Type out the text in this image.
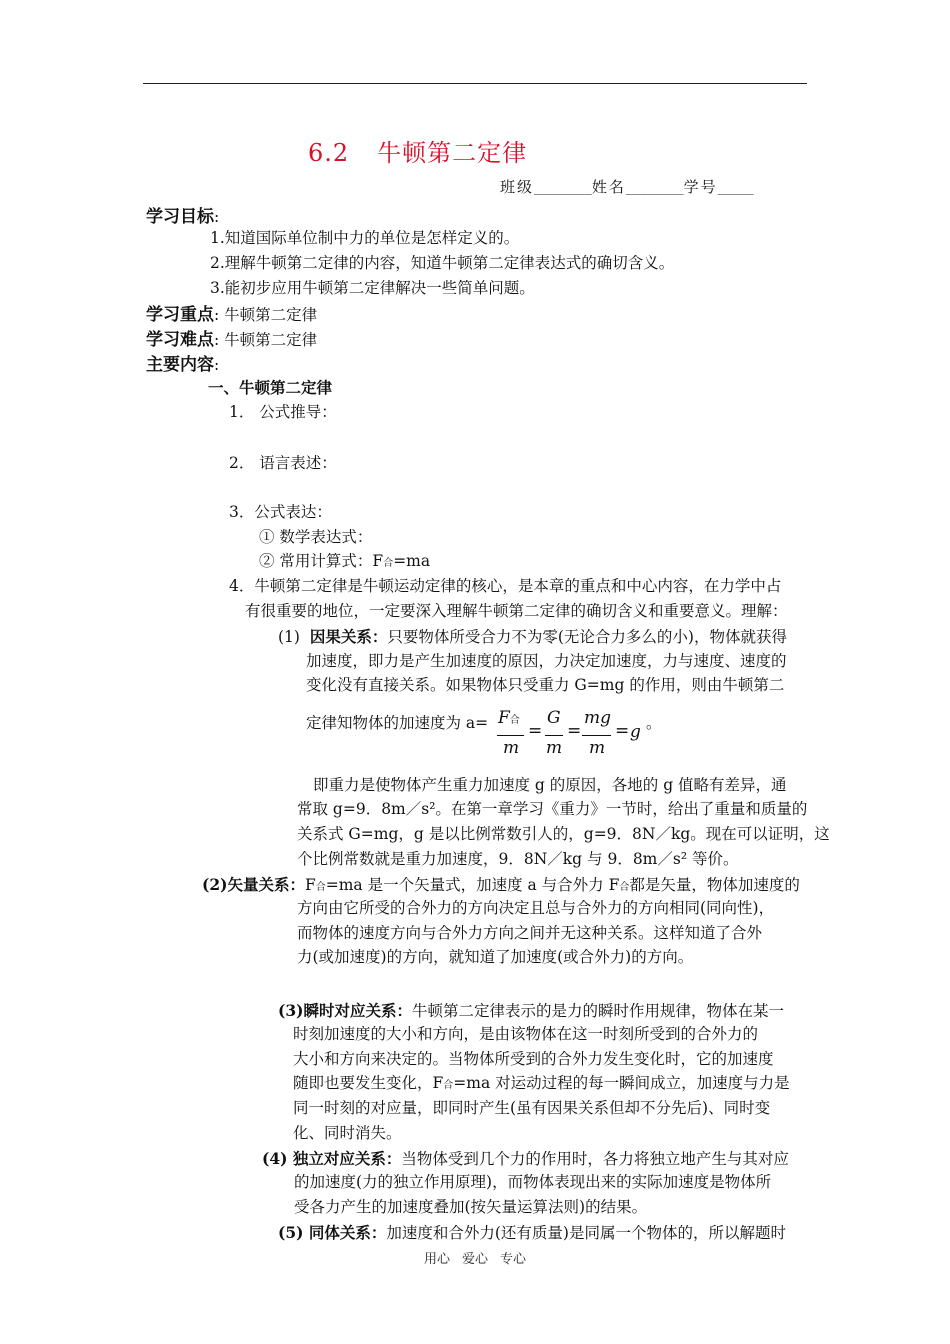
6.2 牛顿第二定律
班级________姓名________学号_____
学习目标:
1.知道国际单位制中力的单位是怎样定义的。
2.理解牛顿第二定律的内容，知道牛顿第二定律表达式的确切含义。
3.能初步应用牛顿第二定律解决一些简单问题。
学习重点: 牛顿第二定律
学习难点: 牛顿第二定律
主要内容:
一、牛顿第二定律
1． 公式推导：
2． 语言表述：
3．公式表达：
① 数学表达式：
② 常用计算式：F合=ma
4．牛顿第二定律是牛顿运动定律的核心，是本章的重点和中心内容，在力学中占
有很重要的地位，一定要深入理解牛顿第二定律的确切含义和重要意义。理解：
(1) 因果关系：只要物体所受合力不为零(无论合力多么的小)，物体就获得
加速度，即力是产生加速度的原因，力决定加速度，力与速度、速度的
变化没有直接关系。如果物体只受重力 G=mg 的作用，则由牛顿第二
定律知物体的加速度为 a= F合
m
=
G
m
=
mg
m
= g 。
即重力是使物体产生重力加速度 g 的原因，各地的 g 值略有差异，通
常取 g=9．8m／s²。在第一章学习《重力》一节时，给出了重量和质量的
关系式 G=mg，g 是以比例常数引人的，g=9．8N／kg。现在可以证明，这
个比例常数就是重力加速度，9．8N／kg 与 9．8m／s² 等价。
(2)矢量关系：F合=ma 是一个矢量式，加速度 a 与合外力 F合都是矢量，物体加速度的
方向由它所受的合外力的方向决定且总与合外力的方向相同(同向性)，
而物体的速度方向与合外力方向之间并无这种关系。这样知道了合外
力(或加速度)的方向，就知道了加速度(或合外力)的方向。
(3)瞬时对应关系：牛顿第二定律表示的是力的瞬时作用规律，物体在某一
时刻加速度的大小和方向，是由该物体在这一时刻所受到的合外力的
大小和方向来决定的。当物体所受到的合外力发生变化时，它的加速度
随即也要发生变化，F合=ma 对运动过程的每一瞬间成立，加速度与力是
同一时刻的对应量，即同时产生(虽有因果关系但却不分先后)、同时变
化、同时消失。
(4) 独立对应关系：当物体受到几个力的作用时，各力将独立地产生与其对应
的加速度(力的独立作用原理)，而物体表现出来的实际加速度是物体所
受各力产生的加速度叠加(按矢量运算法则)的结果。
(5) 同体关系：加速度和合外力(还有质量)是同属一个物体的，所以解题时
用心 爱心 专心
